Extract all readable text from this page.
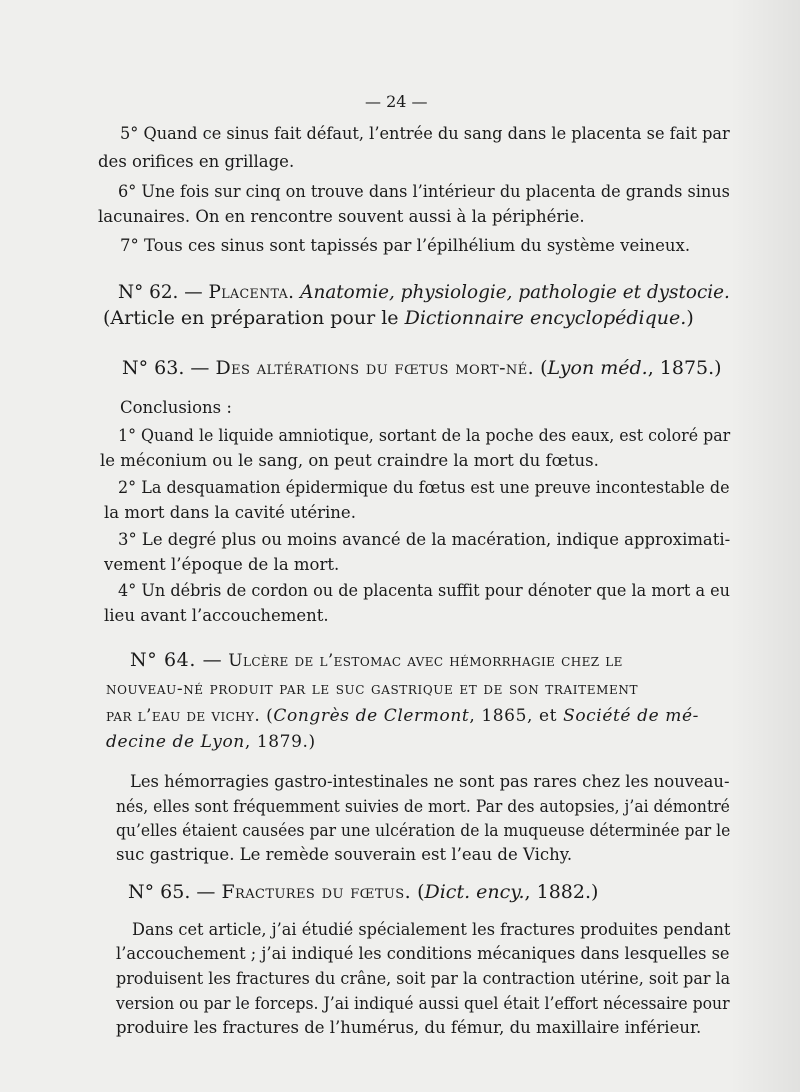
— 24 —
5° Quand ce sinus fait défaut, l’entrée du sang dans le placenta se fait par
des orifices en grillage.
6° Une fois sur cinq on trouve dans l’intérieur du placenta de grands sinus
lacunaires. On en rencontre souvent aussi à la périphérie.
7° Tous ces sinus sont tapissés par l’épilhélium du système veineux.
N° 62. — Placenta. Anatomie, physiologie, pathologie et dystocie.
(Article en préparation pour le Dictionnaire encyclopédique.)
N° 63. — Des altérations du fœtus mort-né. (Lyon méd., 1875.)
Conclusions :
1° Quand le liquide amniotique, sortant de la poche des eaux, est coloré par
le méconium ou le sang, on peut craindre la mort du fœtus.
2° La desquamation épidermique du fœtus est une preuve incontestable de
la mort dans la cavité utérine.
3° Le degré plus ou moins avancé de la macération, indique approximati-
vement l’époque de la mort.
4° Un débris de cordon ou de placenta suffit pour dénoter que la mort a eu
lieu avant l’accouchement.
N° 64. — Ulcère de l’estomac avec hémorrhagie chez le
nouveau-né produit par le suc gastrique et de son traitement
par l’eau de vichy. (Congrès de Clermont, 1865, et Société de mé-
decine de Lyon, 1879.)
Les hémorragies gastro-intestinales ne sont pas rares chez les nouveau-
nés, elles sont fréquemment suivies de mort. Par des autopsies, j’ai démontré
qu’elles étaient causées par une ulcération de la muqueuse déterminée par le
suc gastrique. Le remède souverain est l’eau de Vichy.
N° 65. — Fractures du fœtus. (Dict. ency., 1882.)
Dans cet article, j’ai étudié spécialement les fractures produites pendant
l’accouchement ; j’ai indiqué les conditions mécaniques dans lesquelles se
produisent les fractures du crâne, soit par la contraction utérine, soit par la
version ou par le forceps. J’ai indiqué aussi quel était l’effort nécessaire pour
produire les fractures de l’humérus, du fémur, du maxillaire inférieur.
